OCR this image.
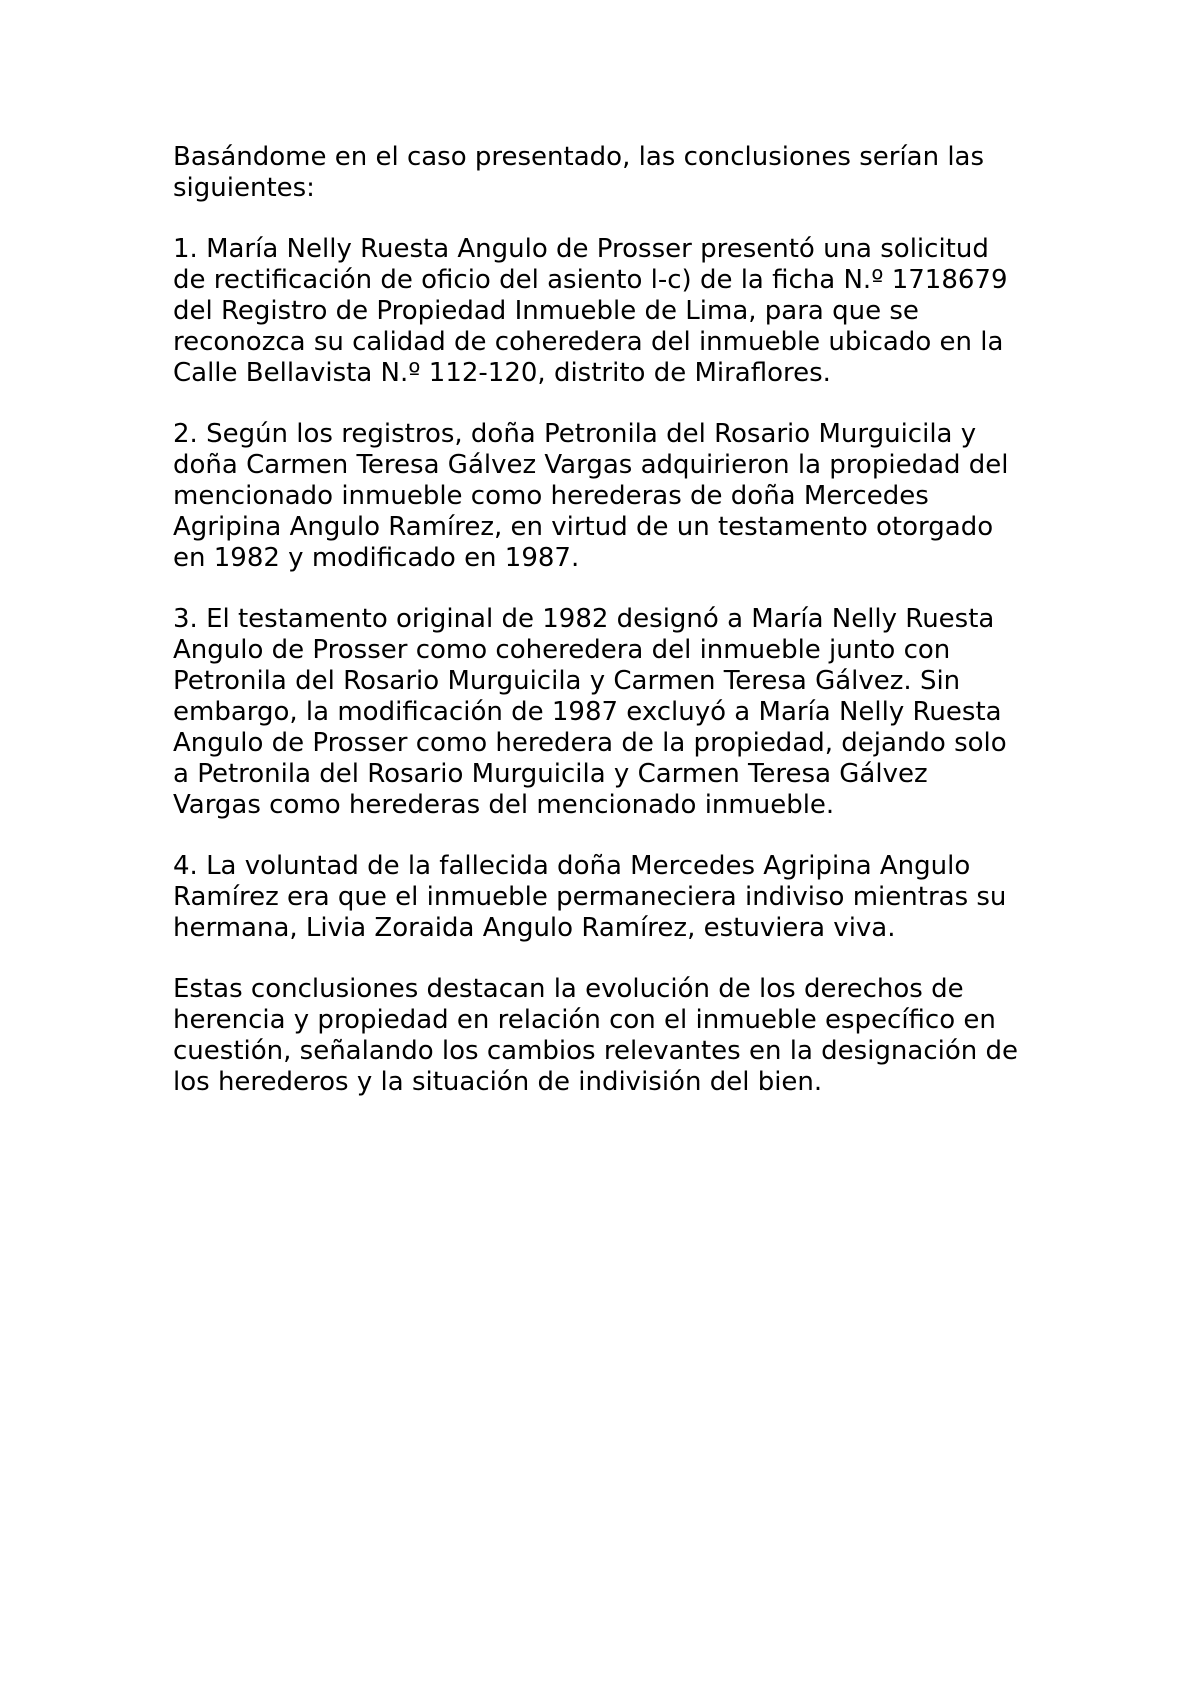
Basándome en el caso presentado, las conclusiones serían las
siguientes:

1. María Nelly Ruesta Angulo de Prosser presentó una solicitud
de rectificación de oficio del asiento l-c) de la ficha N.º 1718679
del Registro de Propiedad Inmueble de Lima, para que se
reconozca su calidad de coheredera del inmueble ubicado en la
Calle Bellavista N.º 112-120, distrito de Miraflores.

2. Según los registros, doña Petronila del Rosario Murguicila y
doña Carmen Teresa Gálvez Vargas adquirieron la propiedad del
mencionado inmueble como herederas de doña Mercedes
Agripina Angulo Ramírez, en virtud de un testamento otorgado
en 1982 y modificado en 1987.

3. El testamento original de 1982 designó a María Nelly Ruesta
Angulo de Prosser como coheredera del inmueble junto con
Petronila del Rosario Murguicila y Carmen Teresa Gálvez. Sin
embargo, la modificación de 1987 excluyó a María Nelly Ruesta
Angulo de Prosser como heredera de la propiedad, dejando solo
a Petronila del Rosario Murguicila y Carmen Teresa Gálvez
Vargas como herederas del mencionado inmueble.

4. La voluntad de la fallecida doña Mercedes Agripina Angulo
Ramírez era que el inmueble permaneciera indiviso mientras su
hermana, Livia Zoraida Angulo Ramírez, estuviera viva.

Estas conclusiones destacan la evolución de los derechos de
herencia y propiedad en relación con el inmueble específico en
cuestión, señalando los cambios relevantes en la designación de
los herederos y la situación de indivisión del bien.
